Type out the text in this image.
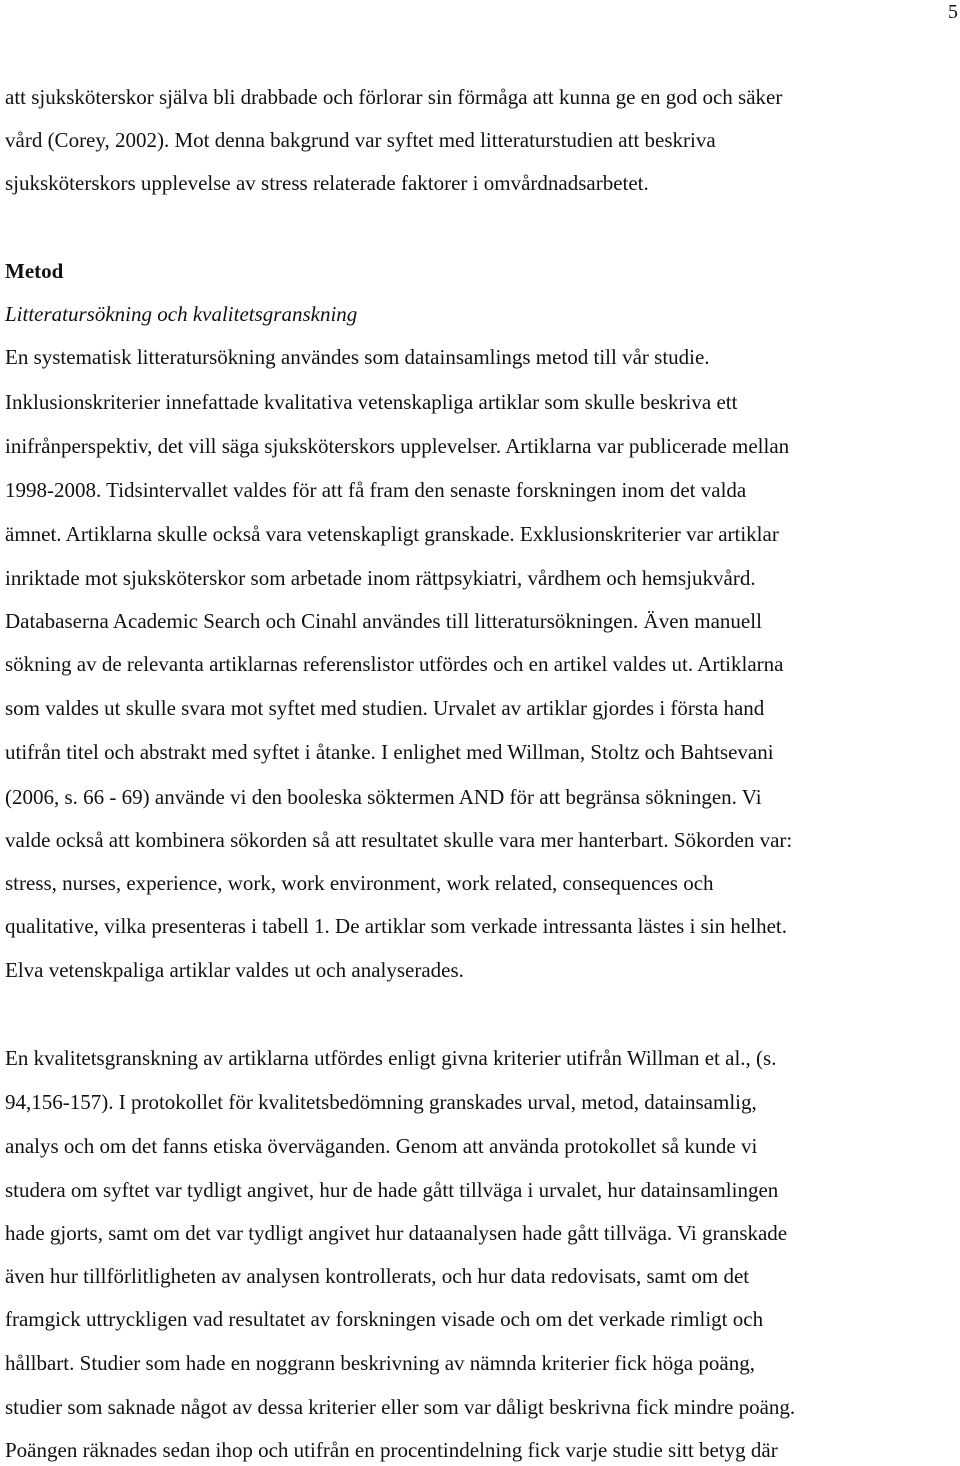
5
att sjuksköterskor själva bli drabbade och förlorar sin förmåga att kunna ge en god och säker
vård (Corey, 2002). Mot denna bakgrund var syftet med litteraturstudien att beskriva
sjuksköterskors upplevelse av stress relaterade faktorer i omvårdnadsarbetet.
Metod
Litteratursökning och kvalitetsgranskning
En systematisk litteratursökning användes som datainsamlings metod till vår studie.
Inklusionskriterier innefattade kvalitativa vetenskapliga artiklar som skulle beskriva ett
inifrånperspektiv, det vill säga sjuksköterskors upplevelser. Artiklarna var publicerade mellan
1998-2008. Tidsintervallet valdes för att få fram den senaste forskningen inom det valda
ämnet. Artiklarna skulle också vara vetenskapligt granskade. Exklusionskriterier var artiklar
inriktade mot sjuksköterskor som arbetade inom rättpsykiatri, vårdhem och hemsjukvård.
Databaserna Academic Search och Cinahl användes till litteratursökningen. Även manuell
sökning av de relevanta artiklarnas referenslistor utfördes och en artikel valdes ut. Artiklarna
som valdes ut skulle svara mot syftet med studien. Urvalet av artiklar gjordes i första hand
utifrån titel och abstrakt med syftet i åtanke. I enlighet med Willman, Stoltz och Bahtsevani
(2006, s. 66 - 69) använde vi den booleska söktermen AND för att begränsa sökningen. Vi
valde också att kombinera sökorden så att resultatet skulle vara mer hanterbart. Sökorden var:
stress, nurses, experience, work, work environment, work related, consequences och
qualitative, vilka presenteras i tabell 1. De artiklar som verkade intressanta lästes i sin helhet.
Elva vetenskpaliga artiklar valdes ut och analyserades.
En kvalitetsgranskning av artiklarna utfördes enligt givna kriterier utifrån Willman et al., (s.
94,156-157). I protokollet för kvalitetsbedömning granskades urval, metod, datainsamlig,
analys och om det fanns etiska överväganden. Genom att använda protokollet så kunde vi
studera om syftet var tydligt angivet, hur de hade gått tillväga i urvalet, hur datainsamlingen
hade gjorts, samt om det var tydligt angivet hur dataanalysen hade gått tillväga. Vi granskade
även hur tillförlitligheten av analysen kontrollerats, och hur data redovisats, samt om det
framgick uttryckligen vad resultatet av forskningen visade och om det verkade rimligt och
hållbart. Studier som hade en noggrann beskrivning av nämnda kriterier fick höga poäng,
studier som saknade något av dessa kriterier eller som var dåligt beskrivna fick mindre poäng.
Poängen räknades sedan ihop och utifrån en procentindelning fick varje studie sitt betyg där
